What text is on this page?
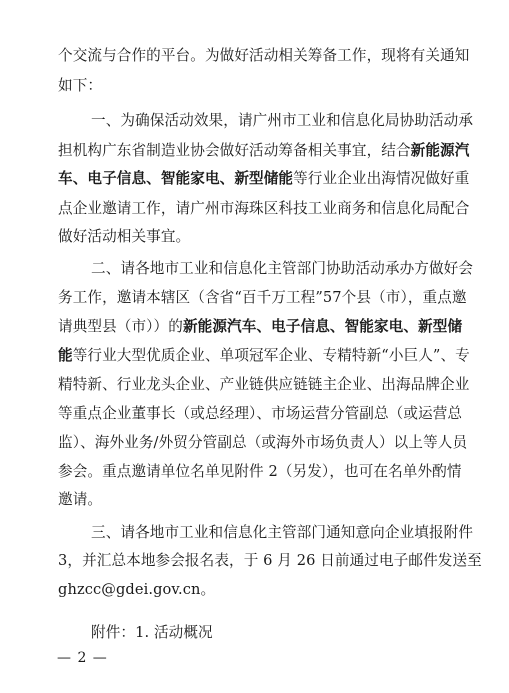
个交流与合作的平台。为做好活动相关筹备工作，现将有关通知
如下：
一、为确保活动效果，请广州市工业和信息化局协助活动承
担机构广东省制造业协会做好活动筹备相关事宜，结合新能源汽
车、电子信息、智能家电、新型储能等行业企业出海情况做好重
点企业邀请工作，请广州市海珠区科技工业商务和信息化局配合
做好活动相关事宜。
二、请各地市工业和信息化主管部门协助活动承办方做好会
务工作，邀请本辖区（含省“百千万工程”57个县（市），重点邀
请典型县（市））的新能源汽车、电子信息、智能家电、新型储
能等行业大型优质企业、单项冠军企业、专精特新“小巨人”、专
精特新、行业龙头企业、产业链供应链链主企业、出海品牌企业
等重点企业董事长（或总经理）、市场运营分管副总（或运营总
监）、海外业务/外贸分管副总（或海外市场负责人）以上等人员
参会。重点邀请单位名单见附件 2（另发），也可在名单外酌情
邀请。
三、请各地市工业和信息化主管部门通知意向企业填报附件
3，并汇总本地参会报名表，于 6 月 26 日前通过电子邮件发送至
ghzcc@gdei.gov.cn。
附件：1. 活动概况
— 2 —
